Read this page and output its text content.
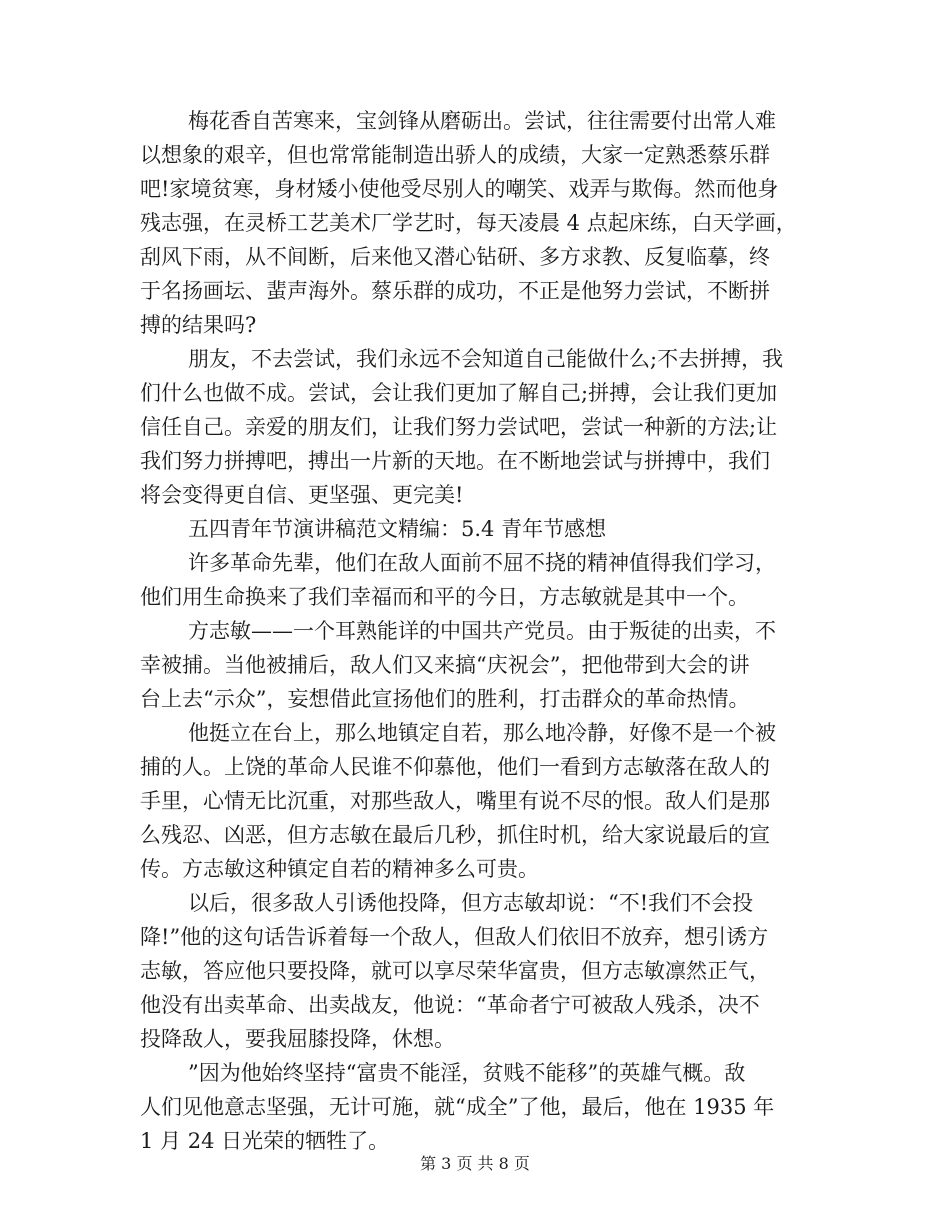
梅花香自苦寒来，宝剑锋从磨砺出。尝试，往往需要付出常人难
以想象的艰辛，但也常常能制造出骄人的成绩，大家一定熟悉蔡乐群
吧!家境贫寒，身材矮小使他受尽别人的嘲笑、戏弄与欺侮。然而他身
残志强，在灵桥工艺美术厂学艺时，每天凌晨 4 点起床练，白天学画，
刮风下雨，从不间断，后来他又潜心钻研、多方求教、反复临摹，终
于名扬画坛、蜚声海外。蔡乐群的成功，不正是他努力尝试，不断拼
搏的结果吗?
朋友，不去尝试，我们永远不会知道自己能做什么;不去拼搏，我
们什么也做不成。尝试，会让我们更加了解自己;拼搏，会让我们更加
信任自己。亲爱的朋友们，让我们努力尝试吧，尝试一种新的方法;让
我们努力拼搏吧，搏出一片新的天地。在不断地尝试与拼搏中，我们
将会变得更自信、更坚强、更完美!
五四青年节演讲稿范文精编：5.4 青年节感想
许多革命先辈，他们在敌人面前不屈不挠的精神值得我们学习，
他们用生命换来了我们幸福而和平的今日，方志敏就是其中一个。
方志敏——一个耳熟能详的中国共产党员。由于叛徒的出卖，不
幸被捕。当他被捕后，敌人们又来搞“庆祝会”，把他带到大会的讲
台上去“示众”，妄想借此宣扬他们的胜利，打击群众的革命热情。
他挺立在台上，那么地镇定自若，那么地冷静，好像不是一个被
捕的人。上饶的革命人民谁不仰慕他，他们一看到方志敏落在敌人的
手里，心情无比沉重，对那些敌人，嘴里有说不尽的恨。敌人们是那
么残忍、凶恶，但方志敏在最后几秒，抓住时机，给大家说最后的宣
传。方志敏这种镇定自若的精神多么可贵。
以后，很多敌人引诱他投降，但方志敏却说：“不!我们不会投
降!”他的这句话告诉着每一个敌人，但敌人们依旧不放弃，想引诱方
志敏，答应他只要投降，就可以享尽荣华富贵，但方志敏凛然正气，
他没有出卖革命、出卖战友，他说：“革命者宁可被敌人残杀，决不
投降敌人，要我屈膝投降，休想。
”因为他始终坚持“富贵不能淫，贫贱不能移”的英雄气概。敌
人们见他意志坚强，无计可施，就“成全”了他，最后，他在 1935 年
1 月 24 日光荣的牺牲了。
第 3 页 共 8 页
